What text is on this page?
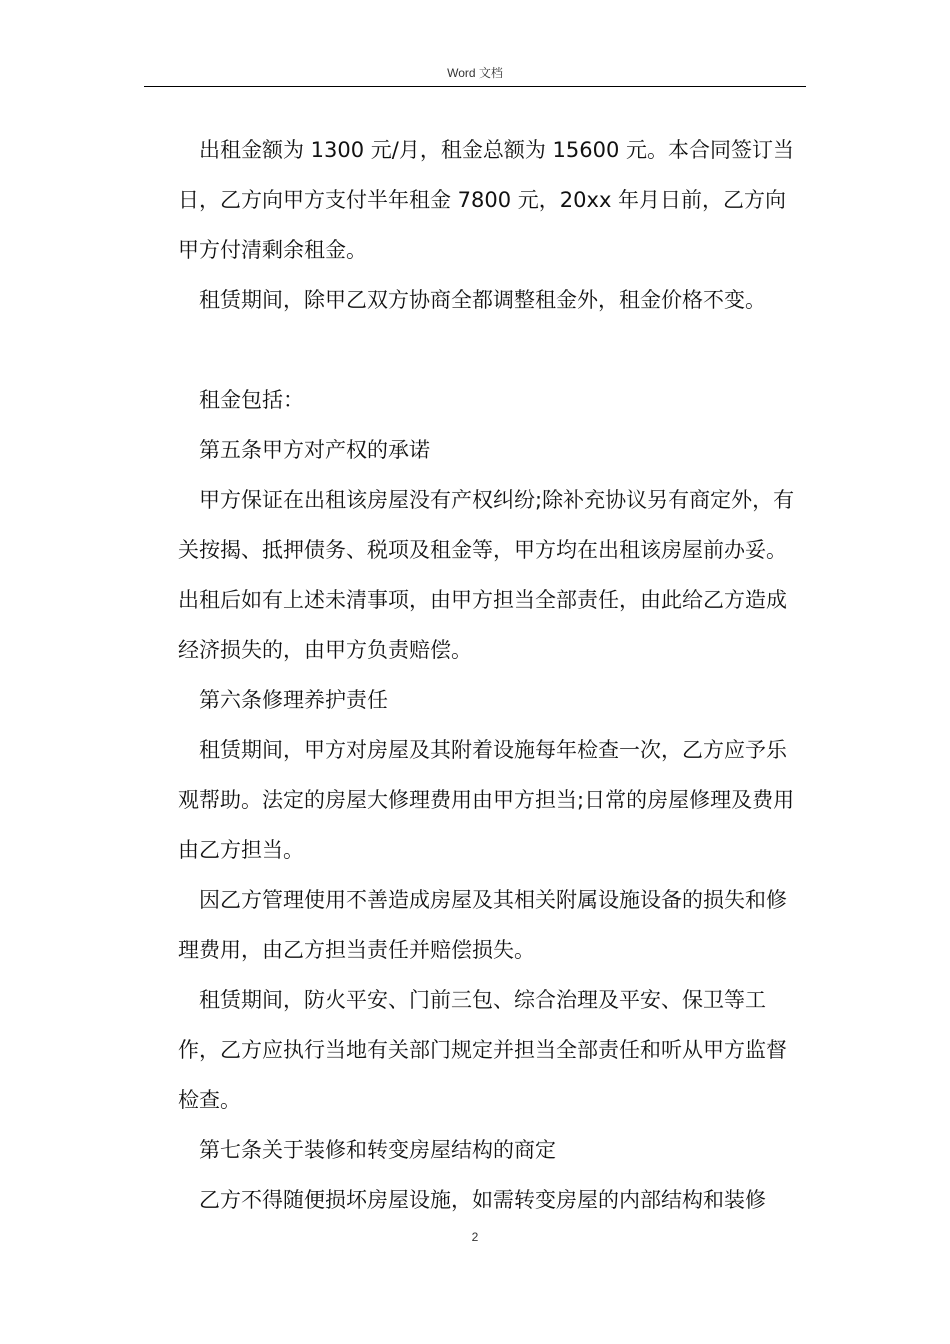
Word 文档

出租金额为 1300 元/月，租金总额为 15600 元。本合同签订当日，乙方向甲方支付半年租金 7800 元，20xx 年月日前，乙方向甲方付清剩余租金。

租赁期间，除甲乙双方协商全都调整租金外，租金价格不变。

租金包括：

第五条甲方对产权的承诺

甲方保证在出租该房屋没有产权纠纷;除补充协议另有商定外，有关按揭、抵押债务、税项及租金等，甲方均在出租该房屋前办妥。出租后如有上述未清事项，由甲方担当全部责任，由此给乙方造成经济损失的，由甲方负责赔偿。

第六条修理养护责任

租赁期间，甲方对房屋及其附着设施每年检查一次，乙方应予乐观帮助。法定的房屋大修理费用由甲方担当;日常的房屋修理及费用由乙方担当。

因乙方管理使用不善造成房屋及其相关附属设施设备的损失和修理费用，由乙方担当责任并赔偿损失。

租赁期间，防火平安、门前三包、综合治理及平安、保卫等工作，乙方应执行当地有关部门规定并担当全部责任和听从甲方监督检查。

第七条关于装修和转变房屋结构的商定

乙方不得随便损坏房屋设施，如需转变房屋的内部结构和装修

2
